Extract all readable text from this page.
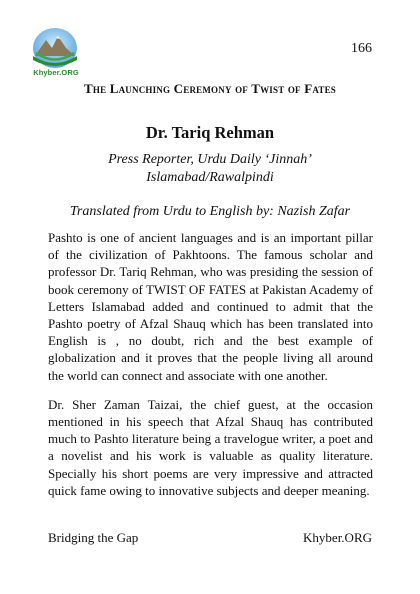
Khyber.ORG
166
The Launching Ceremony of Twist of Fates
Dr. Tariq Rehman
Press Reporter, Urdu Daily ‘Jinnah’ Islamabad/Rawalpindi
Translated from Urdu to English by: Nazish Zafar

Pashto is one of ancient languages and is an important pillar of the civilization of Pakhtoons. The famous scholar and professor Dr. Tariq Rehman, who was presiding the session of book ceremony of TWIST OF FATES at Pakistan Academy of Letters Islamabad added and continued to admit that the Pashto poetry of Afzal Shauq which has been translated into English is , no doubt, rich and the best example of globalization and it proves that the people living all around the world can connect and associate with one another.

Dr. Sher Zaman Taizai, the chief guest, at the occasion mentioned in his speech that Afzal Shauq has contributed much to Pashto literature being a travelogue writer, a poet and a novelist and his work is valuable as quality literature. Specially his short poems are very impressive and attracted quick fame owing to innovative subjects and deeper meaning.

Bridging the Gap	Khyber.ORG
